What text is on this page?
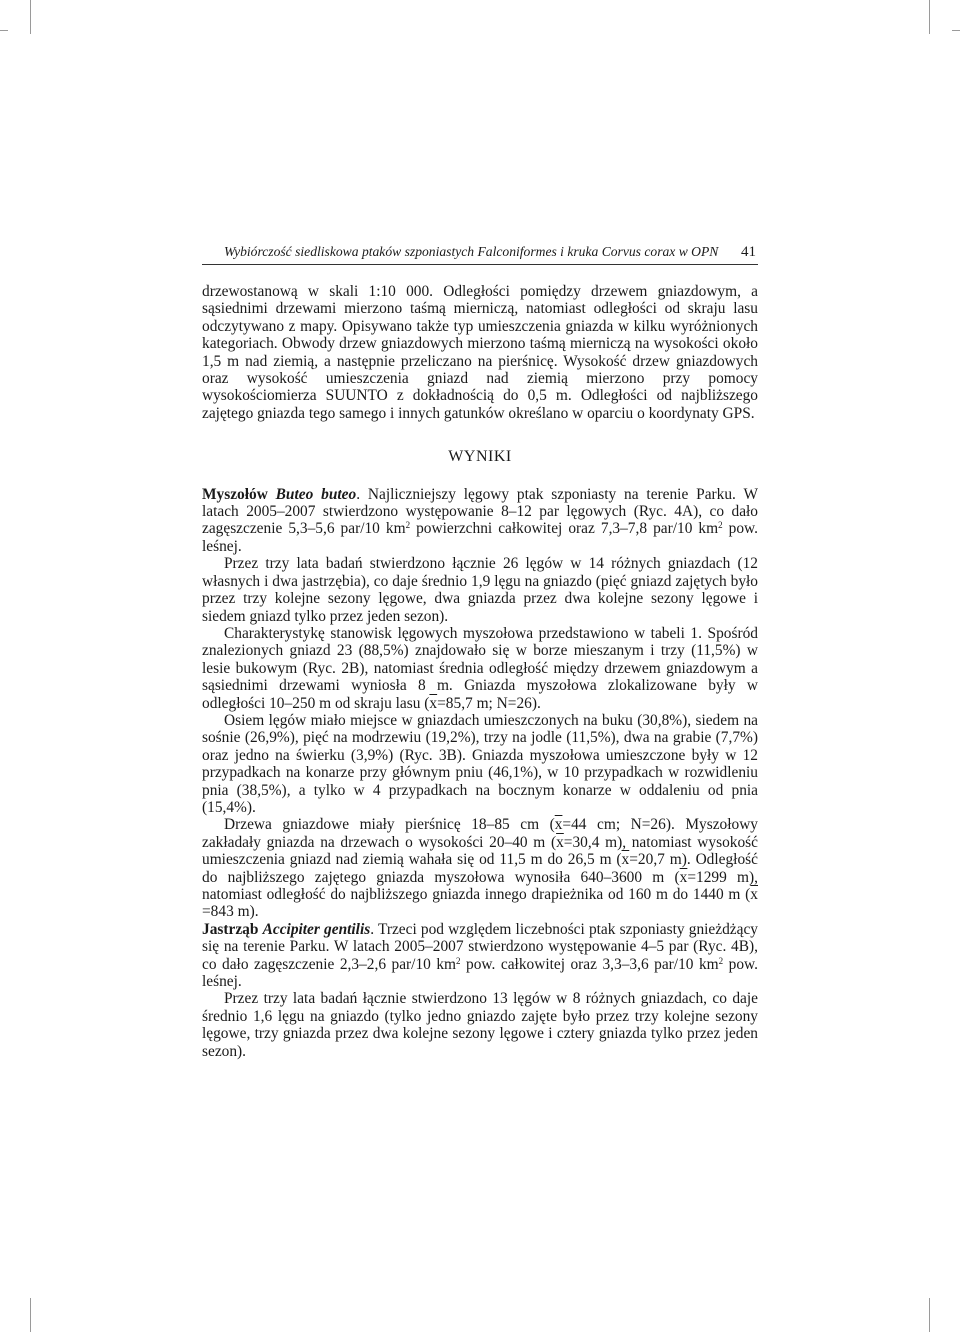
Wybiórczość siedliskowa ptaków szponiastych Falconiformes i kruka Corvus corax w OPN 41

drzewostanową w skali 1:10 000. Odległości pomiędzy drzewem gniazdowym, a sąsiednimi drzewami mierzono taśmą mierniczą, natomiast odległości od skraju lasu odczytywano z mapy. Opisywano także typ umieszczenia gniazda w kilku wyróżnionych kategoriach. Obwody drzew gniazdowych mierzono taśmą mierniczą na wysokości około 1,5 m nad ziemią, a następnie przeliczano na pierśnicę. Wysokość drzew gniazdowych oraz wysokość umieszczenia gniazd nad ziemią mierzono przy pomocy wysokościomierza SUUNTO z dokładnością do 0,5 m. Odległości od najbliższego zajętego gniazda tego samego i innych gatunków określano w oparciu o koordynaty GPS.

WYNIKI

Myszołów Buteo buteo. Najliczniejszy lęgowy ptak szponiasty na terenie Parku. W latach 2005–2007 stwierdzono występowanie 8–12 par lęgowych (Ryc. 4A), co dało zagęszczenie 5,3–5,6 par/10 $km^2$ powierzchni całkowitej oraz 7,3–7,8 par/10 $km^2$ pow. leśnej.

Przez trzy lata badań stwierdzono łącznie 26 lęgów w 14 różnych gniazdach (12 własnych i dwa jastrzębia), co daje średnio 1,9 lęgu na gniazdo (pięć gniazd zajętych było przez trzy kolejne sezony lęgowe, dwa gniazda przez dwa kolejne sezony lęgowe i siedem gniazd tylko przez jeden sezon).

Charakterystykę stanowisk lęgowych myszołowa przedstawiono w tabeli 1. Spośród znalezionych gniazd 23 (88,5%) znajdowało się w borze mieszanym i trzy (11,5%) w lesie bukowym (Ryc. 2B), natomiast średnia odległość między drzewem gniazdowym a sąsiednimi drzewami wyniosła 8 m. Gniazda myszołowa zlokalizowane były w odległości 10–250 m od skraju lasu ($\overline{x}=85,7$ m; N=26).

Osiem lęgów miało miejsce w gniazdach umieszczonych na buku (30,8%), siedem na sośnie (26,9%), pięć na modrzewiu (19,2%), trzy na jodle (11,5%), dwa na grabie (7,7%) oraz jedno na świerku (3,9%) (Ryc. 3B). Gniazda myszołowa umieszczone były w 12 przypadkach na konarze przy głównym pniu (46,1%), w 10 przypadkach w rozwidleniu pnia (38,5%), a tylko w 4 przypadkach na bocznym konarze w oddaleniu od pnia (15,4%).

Drzewa gniazdowe miały pierśnicę 18–85 cm ($\overline{x}=44$ cm; N=26). Myszołowy zakładały gniazda na drzewach o wysokości 20–40 m ($\overline{x}=30,4$ m), natomiast wysokość umieszczenia gniazd nad ziemią wahała się od 11,5 m do 26,5 m ($\overline{x}=20,7$ m). Odległość do najbliższego zajętego gniazda myszołowa wynosiła 640–3600 m ($\overline{x}=1299$ m), natomiast odległość do najbliższego gniazda innego drapieżnika od 160 m do 1440 m ($\overline{x} =843$ m).

Jastrząb Accipiter gentilis. Trzeci pod względem liczebności ptak szponiasty gnieżdżący się na terenie Parku. W latach 2005–2007 stwierdzono występowanie 4–5 par (Ryc. 4B), co dało zagęszczenie 2,3–2,6 par/10 $km^2$ pow. całkowitej oraz 3,3–3,6 par/10 $km^2$ pow. leśnej.

Przez trzy lata badań łącznie stwierdzono 13 lęgów w 8 różnych gniazdach, co daje średnio 1,6 lęgu na gniazdo (tylko jedno gniazdo zajęte było przez trzy kolejne sezony lęgowe, trzy gniazda przez dwa kolejne sezony lęgowe i cztery gniazda tylko przez jeden sezon).
